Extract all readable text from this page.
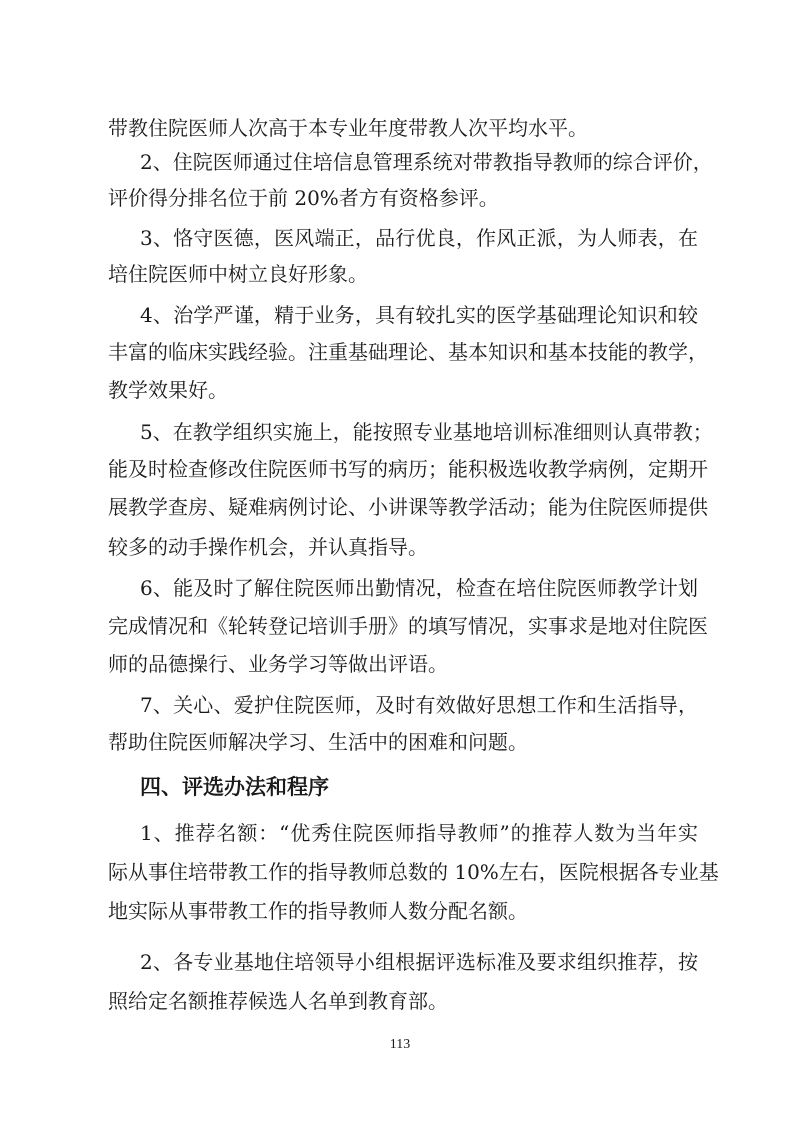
带教住院医师人次高于本专业年度带教人次平均水平。
2、住院医师通过住培信息管理系统对带教指导教师的综合评价，
评价得分排名位于前 20%者方有资格参评。
3、恪守医德，医风端正，品行优良，作风正派，为人师表，在
培住院医师中树立良好形象。
4、治学严谨，精于业务，具有较扎实的医学基础理论知识和较
丰富的临床实践经验。注重基础理论、基本知识和基本技能的教学，
教学效果好。
5、在教学组织实施上，能按照专业基地培训标准细则认真带教；
能及时检查修改住院医师书写的病历；能积极选收教学病例，定期开
展教学查房、疑难病例讨论、小讲课等教学活动；能为住院医师提供
较多的动手操作机会，并认真指导。
6、能及时了解住院医师出勤情况，检查在培住院医师教学计划
完成情况和《轮转登记培训手册》的填写情况，实事求是地对住院医
师的品德操行、业务学习等做出评语。
7、关心、爱护住院医师，及时有效做好思想工作和生活指导，
帮助住院医师解决学习、生活中的困难和问题。
四、评选办法和程序
1、推荐名额：“优秀住院医师指导教师”的推荐人数为当年实
际从事住培带教工作的指导教师总数的 10%左右，医院根据各专业基
地实际从事带教工作的指导教师人数分配名额。
2、各专业基地住培领导小组根据评选标准及要求组织推荐，按
照给定名额推荐候选人名单到教育部。
113
